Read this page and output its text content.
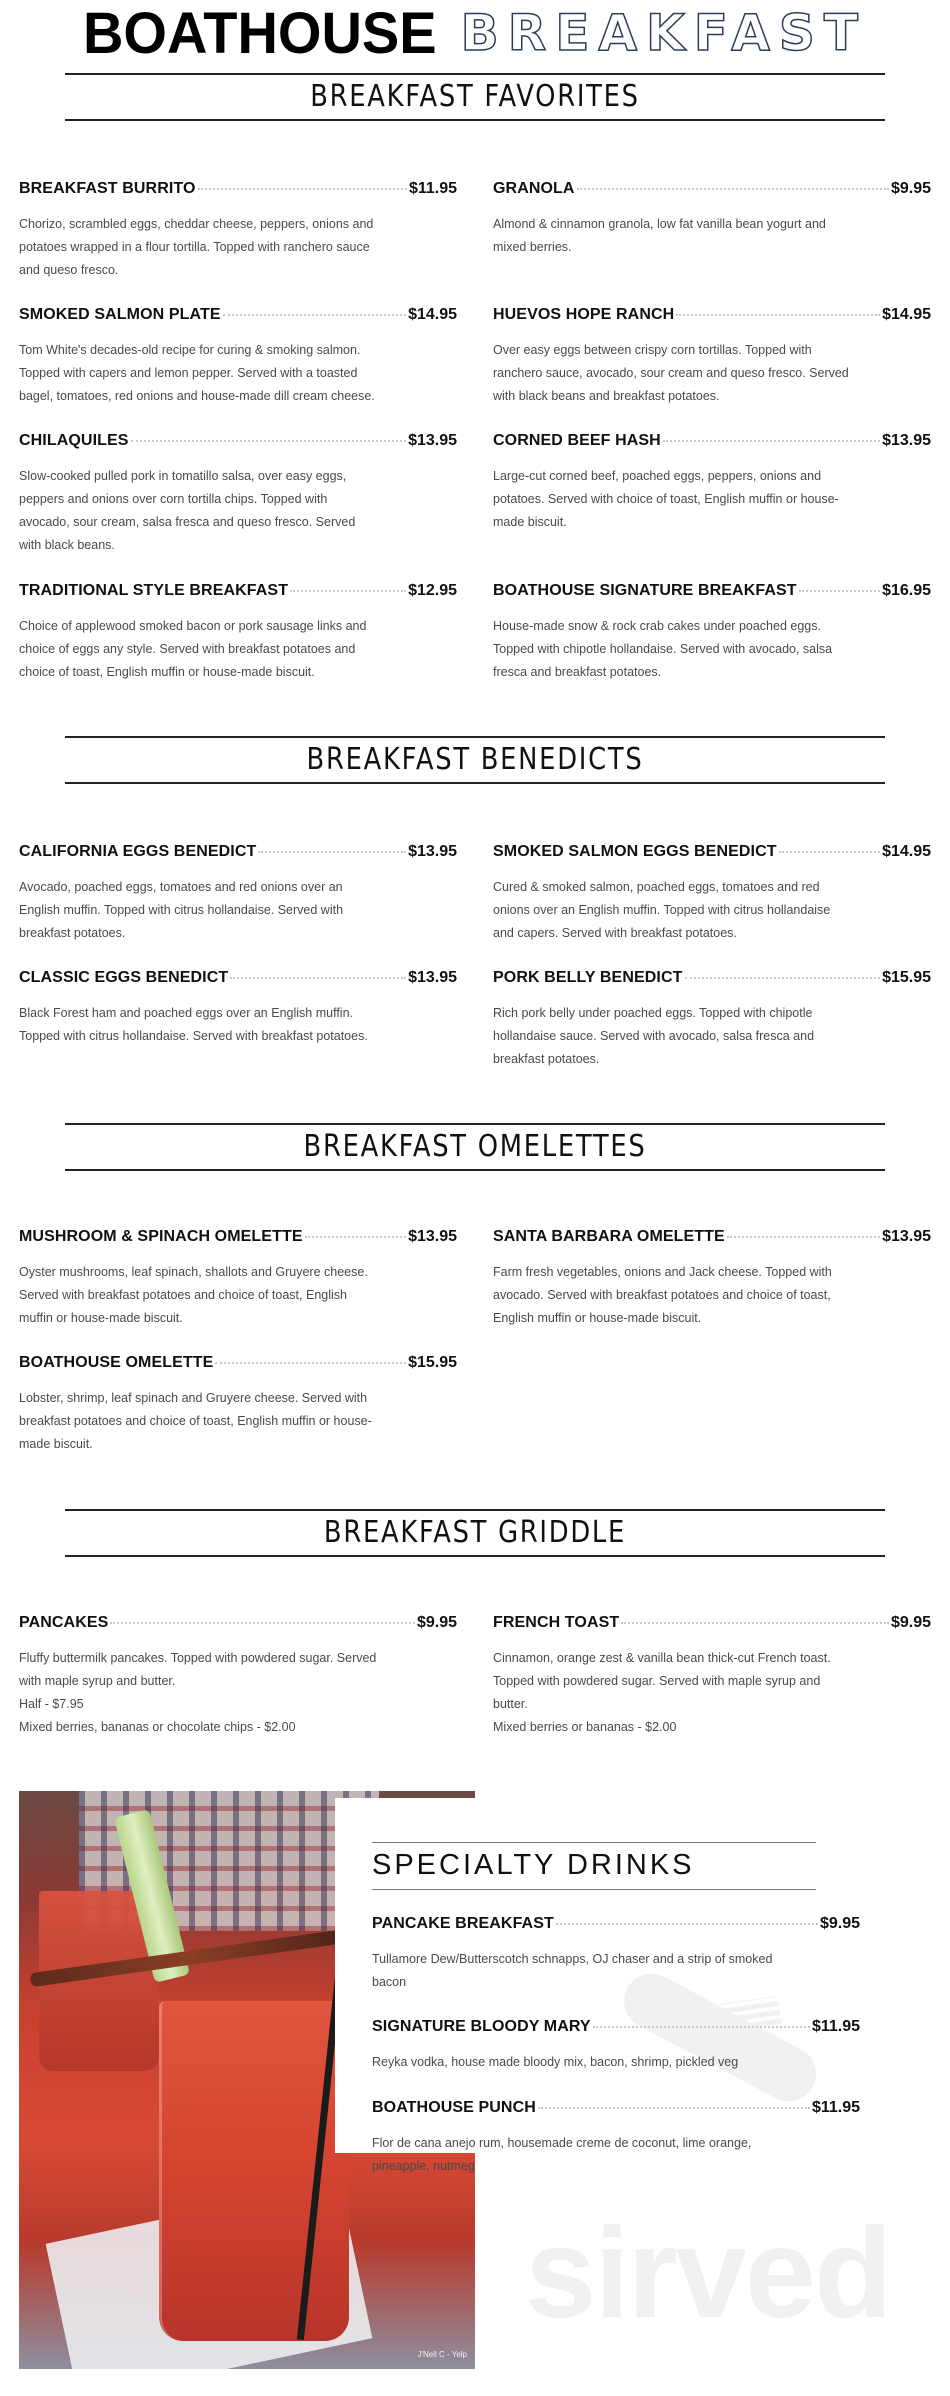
BOATHOUSE BREAKFAST
BREAKFAST FAVORITES
BREAKFAST BURRITO	$11.95
Chorizo, scrambled eggs, cheddar cheese, peppers, onions and potatoes wrapped in a flour tortilla. Topped with ranchero sauce and queso fresco.
GRANOLA	$9.95
Almond & cinnamon granola, low fat vanilla bean yogurt and mixed berries.
SMOKED SALMON PLATE	$14.95
Tom White's decades-old recipe for curing & smoking salmon. Topped with capers and lemon pepper. Served with a toasted bagel, tomatoes, red onions and house-made dill cream cheese.
HUEVOS HOPE RANCH	$14.95
Over easy eggs between crispy corn tortillas. Topped with ranchero sauce, avocado, sour cream and queso fresco. Served with black beans and breakfast potatoes.
CHILAQUILES	$13.95
Slow-cooked pulled pork in tomatillo salsa, over easy eggs, peppers and onions over corn tortilla chips. Topped with avocado, sour cream, salsa fresca and queso fresco. Served with black beans.
CORNED BEEF HASH	$13.95
Large-cut corned beef, poached eggs, peppers, onions and potatoes. Served with choice of toast, English muffin or house-made biscuit.
TRADITIONAL STYLE BREAKFAST	$12.95
Choice of applewood smoked bacon or pork sausage links and choice of eggs any style. Served with breakfast potatoes and choice of toast, English muffin or house-made biscuit.
BOATHOUSE SIGNATURE BREAKFAST	$16.95
House-made snow & rock crab cakes under poached eggs. Topped with chipotle hollandaise. Served with avocado, salsa fresca and breakfast potatoes.
BREAKFAST BENEDICTS
CALIFORNIA EGGS BENEDICT	$13.95
Avocado, poached eggs, tomatoes and red onions over an English muffin. Topped with citrus hollandaise. Served with breakfast potatoes.
SMOKED SALMON EGGS BENEDICT	$14.95
Cured & smoked salmon, poached eggs, tomatoes and red onions over an English muffin. Topped with citrus hollandaise and capers. Served with breakfast potatoes.
CLASSIC EGGS BENEDICT	$13.95
Black Forest ham and poached eggs over an English muffin. Topped with citrus hollandaise. Served with breakfast potatoes.
PORK BELLY BENEDICT	$15.95
Rich pork belly under poached eggs. Topped with chipotle hollandaise sauce. Served with avocado, salsa fresca and breakfast potatoes.
BREAKFAST OMELETTES
MUSHROOM & SPINACH OMELETTE	$13.95
Oyster mushrooms, leaf spinach, shallots and Gruyere cheese. Served with breakfast potatoes and choice of toast, English muffin or house-made biscuit.
SANTA BARBARA OMELETTE	$13.95
Farm fresh vegetables, onions and Jack cheese. Topped with avocado. Served with breakfast potatoes and choice of toast, English muffin or house-made biscuit.
BOATHOUSE OMELETTE	$15.95
Lobster, shrimp, leaf spinach and Gruyere cheese. Served with breakfast potatoes and choice of toast, English muffin or house-made biscuit.
BREAKFAST GRIDDLE
PANCAKES	$9.95
Fluffy buttermilk pancakes. Topped with powdered sugar. Served with maple syrup and butter.
Half - $7.95
Mixed berries, bananas or chocolate chips - $2.00
FRENCH TOAST	$9.95
Cinnamon, orange zest & vanilla bean thick-cut French toast. Topped with powdered sugar. Served with maple syrup and butter.
Mixed berries or bananas - $2.00
J'Nell C - Yelp
sirved
SPECIALTY DRINKS
PANCAKE BREAKFAST	$9.95
Tullamore Dew/Butterscotch schnapps, OJ chaser and a strip of smoked bacon
SIGNATURE BLOODY MARY	$11.95
Reyka vodka, house made bloody mix, bacon, shrimp, pickled veg
BOATHOUSE PUNCH	$11.95
Flor de cana anejo rum, housemade creme de coconut, lime orange, pineapple, nutmeg
